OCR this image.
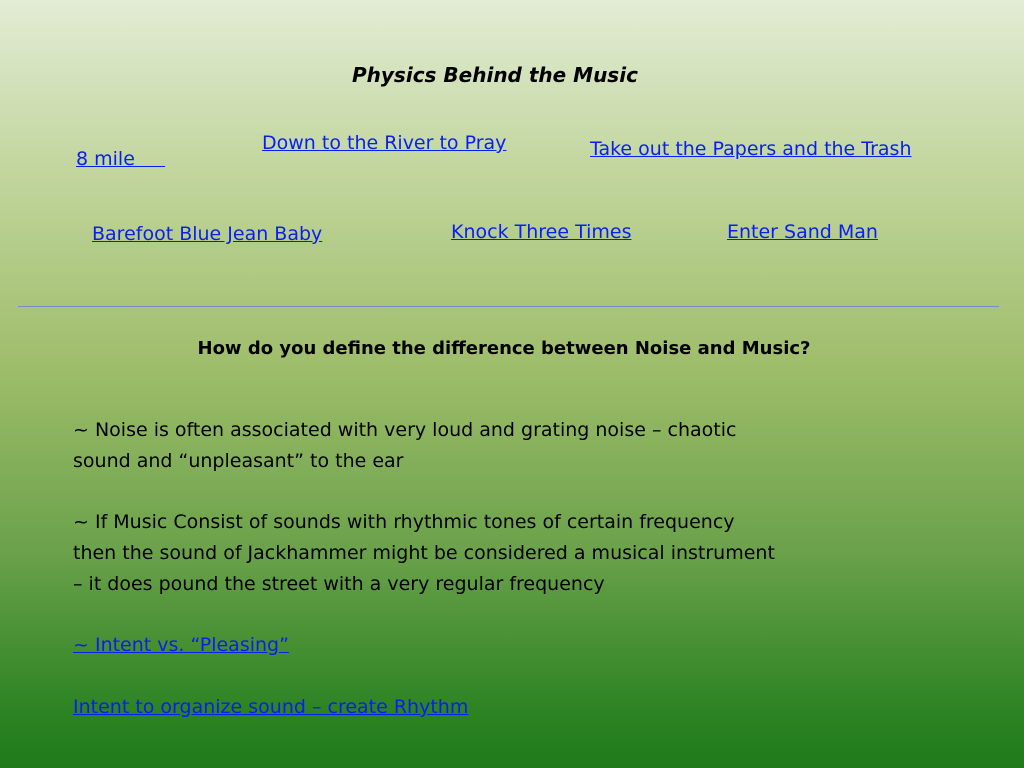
Physics Behind the Music
8 mile
Down to the River to Pray	Take out the Papers and the Trash
Barefoot Blue Jean Baby	Knock Three Times	Enter Sand Man
How do you define the difference between Noise and Music?
~ Noise is often associated with very loud and grating noise – chaotic
sound and “unpleasant” to the ear
~ If Music Consist of sounds with rhythmic tones of certain frequency
then the sound of Jackhammer might be considered a musical instrument
– it does pound the street with a very regular frequency
~ Intent vs. “Pleasing”
Intent to organize sound – create Rhythm
